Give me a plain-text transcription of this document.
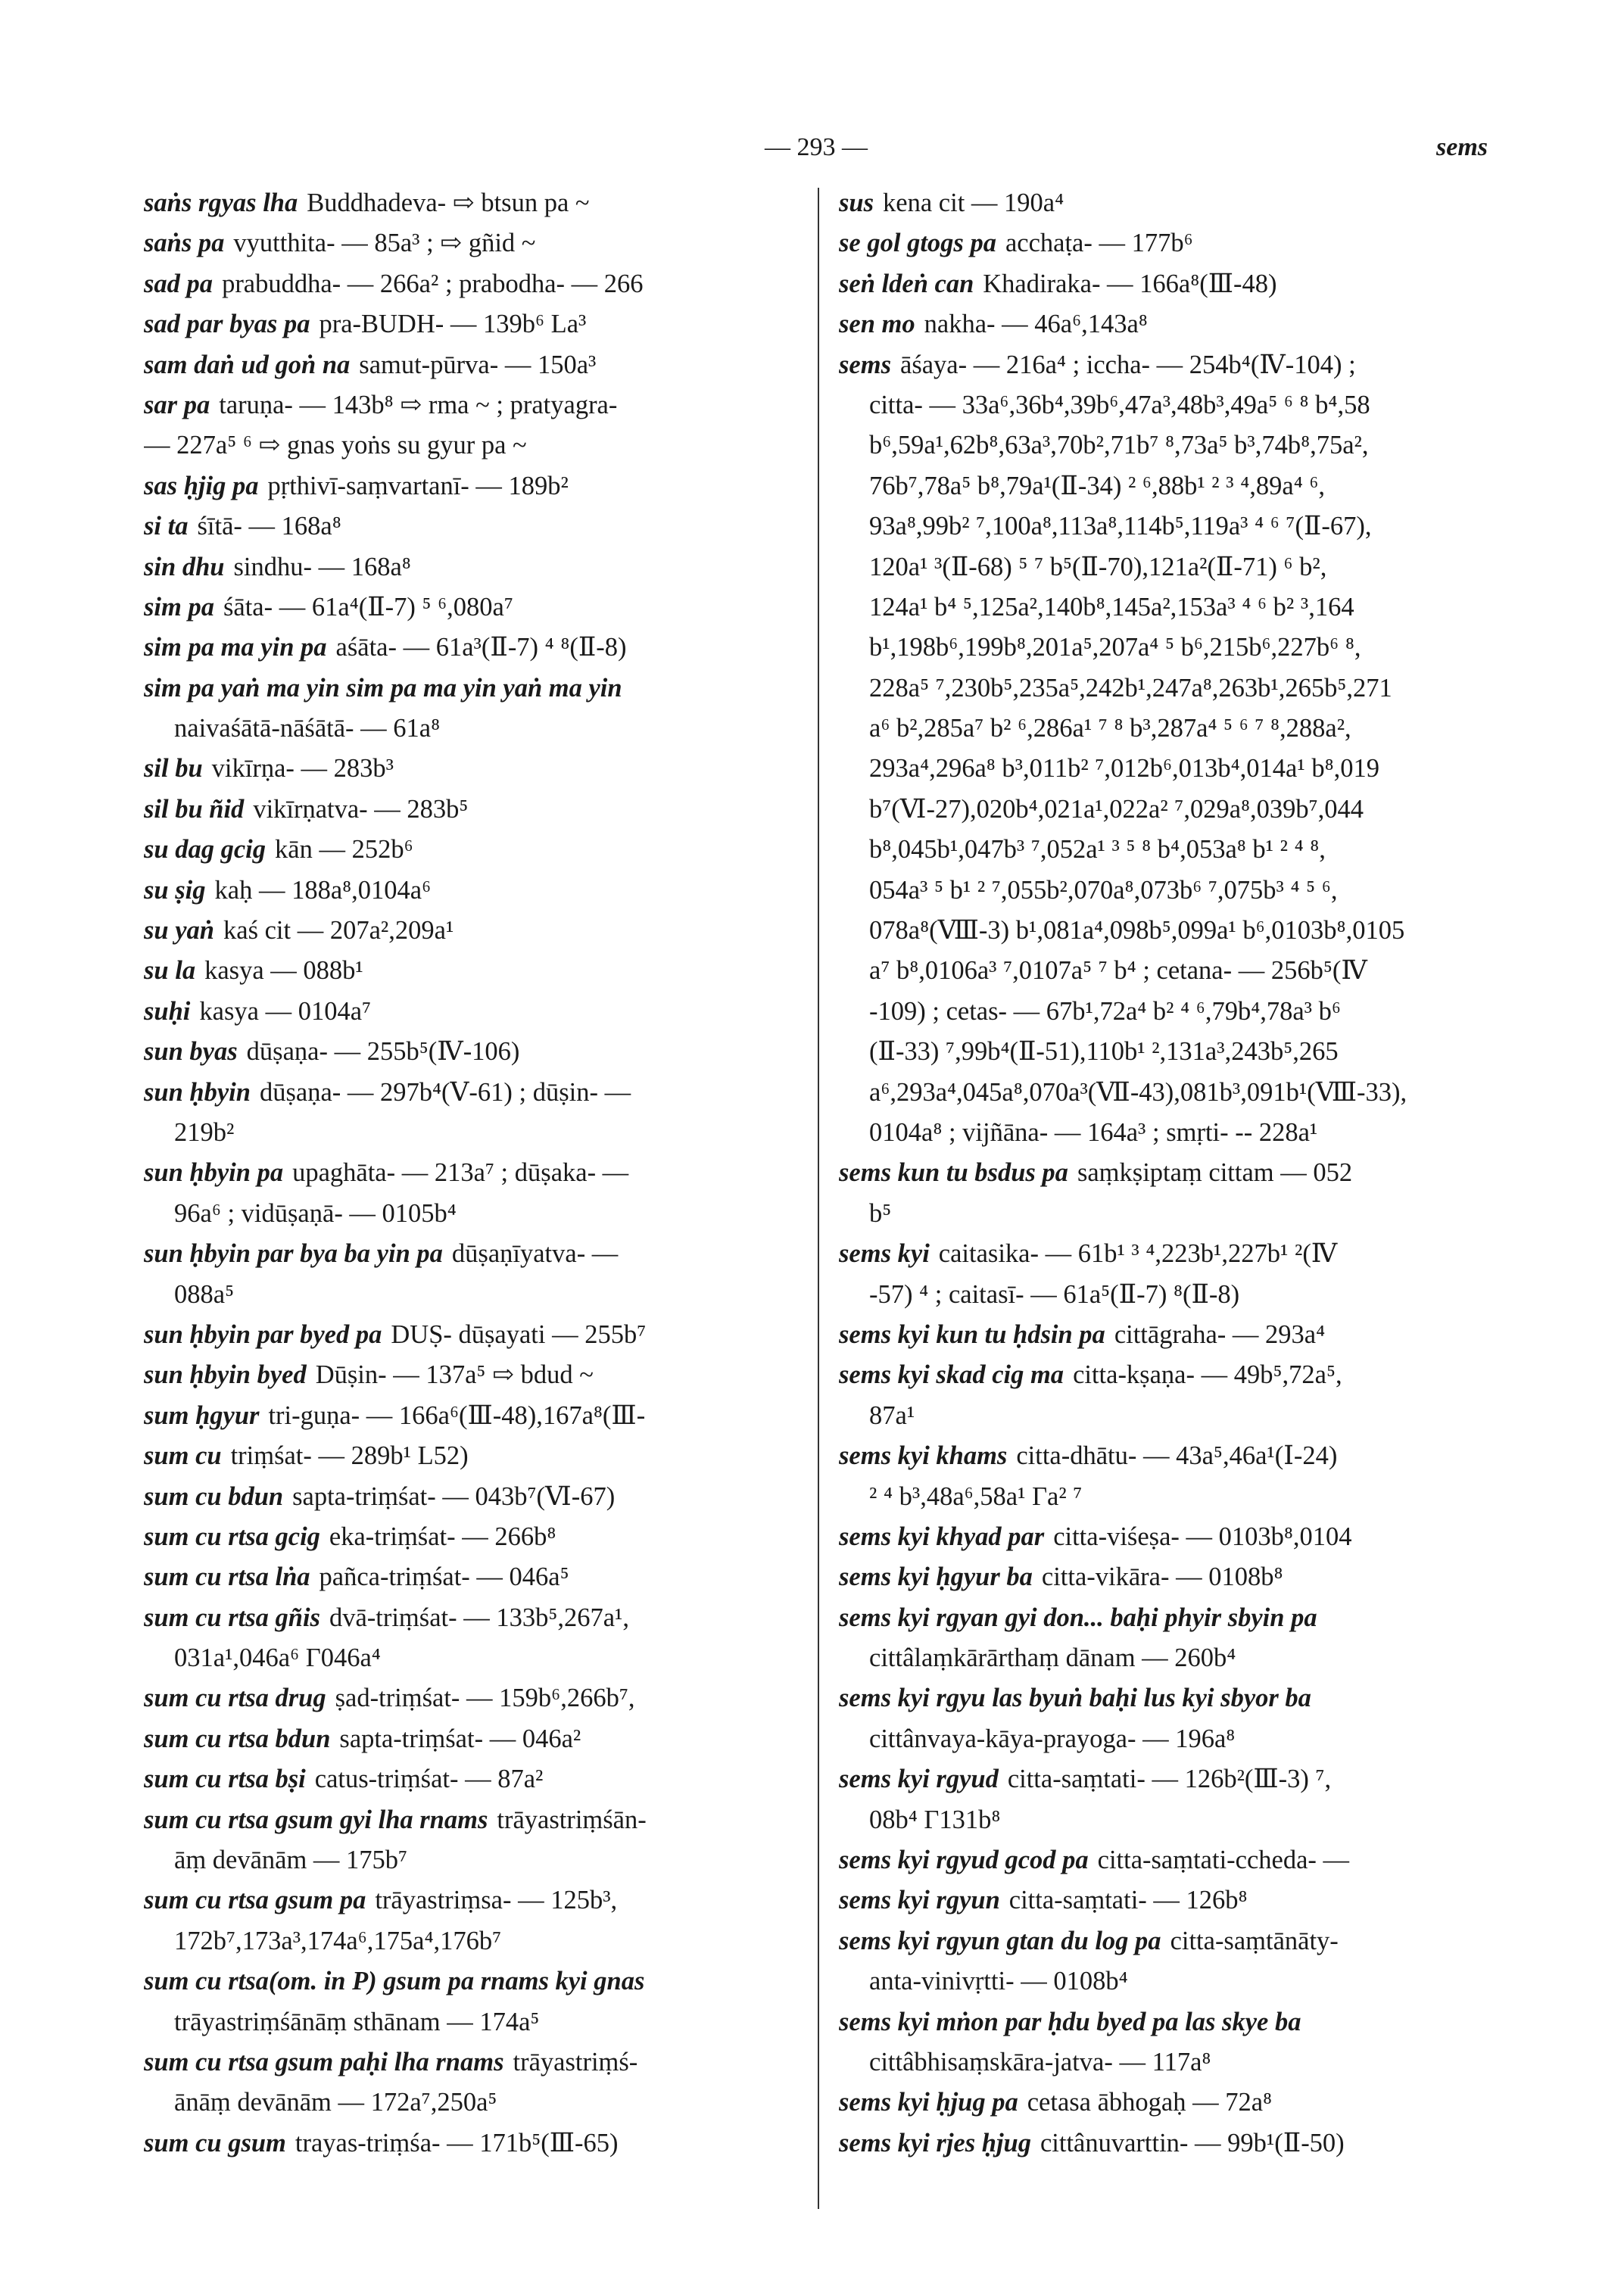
— 293 —	sems
saṅs rgyas lha Buddhadeva- ⇨ btsun pa ~
saṅs pa vyutthita- — 85a³ ; ⇨ gñid ~
sad pa prabuddha- — 266a² ; prabodha- — 266
sad par byas pa pra-BUDH- — 139b⁶ La³
sam daṅ ud goṅ na samut-pūrva- — 150a³
sar pa taruṇa- — 143b⁸ ⇨ rma ~ ; pratyagra-
— 227a⁵ ⁶ ⇨ gnas yoṅs su gyur pa ~
sas ḥjig pa pṛthivī-saṃvartanī- — 189b²
si ta śītā- — 168a⁸
sin dhu sindhu- — 168a⁸
sim pa śāta- — 61a⁴(Ⅱ-7) ⁵ ⁶,080a⁷
sim pa ma yin pa aśāta- — 61a³(Ⅱ-7) ⁴ ⁸(Ⅱ-8)
sim pa yaṅ ma yin sim pa ma yin yaṅ ma yin
naivaśātā-nāśātā- — 61a⁸
sil bu vikīrṇa- — 283b³
sil bu ñid vikīrṇatva- — 283b⁵
su dag gcig kān — 252b⁶
su ṣig kaḥ — 188a⁸,0104a⁶
su yaṅ kaś cit — 207a²,209a¹
su la kasya — 088b¹
suḥi kasya — 0104a⁷
sun byas dūṣaṇa- — 255b⁵(Ⅳ-106)
sun ḥbyin dūṣaṇa- — 297b⁴(Ⅴ-61) ; dūṣin- —
219b²
sun ḥbyin pa upaghāta- — 213a⁷ ; dūṣaka- —
96a⁶ ; vidūṣaṇā- — 0105b⁴
sun ḥbyin par bya ba yin pa dūṣaṇīyatva- —
088a⁵
sun ḥbyin par byed pa DUṢ- dūṣayati — 255b⁷
sun ḥbyin byed Dūṣin- — 137a⁵ ⇨ bdud ~
sum ḥgyur tri-guṇa- — 166a⁶(Ⅲ-48),167a⁸(Ⅲ-
sum cu triṃśat- — 289b¹ L52)
sum cu bdun sapta-triṃśat- — 043b⁷(Ⅵ-67)
sum cu rtsa gcig eka-triṃśat- — 266b⁸
sum cu rtsa lṅa pañca-triṃśat- — 046a⁵
sum cu rtsa gñis dvā-triṃśat- — 133b⁵,267a¹,
031a¹,046a⁶ Γ046a⁴
sum cu rtsa drug ṣad-triṃśat- — 159b⁶,266b⁷,
sum cu rtsa bdun sapta-triṃśat- — 046a²
sum cu rtsa bṣi catus-triṃśat- — 87a²
sum cu rtsa gsum gyi lha rnams trāyastriṃśān-
āṃ devānām — 175b⁷
sum cu rtsa gsum pa trāyastriṃsa- — 125b³,
172b⁷,173a³,174a⁶,175a⁴,176b⁷
sum cu rtsa(om. in P) gsum pa rnams kyi gnas
trāyastriṃśānāṃ sthānam — 174a⁵
sum cu rtsa gsum paḥi lha rnams trāyastriṃś-
ānāṃ devānām — 172a⁷,250a⁵
sum cu gsum trayas-triṃśa- — 171b⁵(Ⅲ-65)
sus kena cit — 190a⁴
se gol gtogs pa acchaṭa- — 177b⁶
seṅ ldeṅ can Khadiraka- — 166a⁸(Ⅲ-48)
sen mo nakha- — 46a⁶,143a⁸
sems āśaya- — 216a⁴ ; iccha- — 254b⁴(Ⅳ-104) ;
citta- — 33a⁶,36b⁴,39b⁶,47a³,48b³,49a⁵ ⁶ ⁸ b⁴,58
b⁶,59a¹,62b⁸,63a³,70b²,71b⁷ ⁸,73a⁵ b³,74b⁸,75a²,
76b⁷,78a⁵ b⁸,79a¹(Ⅱ-34) ² ⁶,88b¹ ² ³ ⁴,89a⁴ ⁶,
93a⁸,99b² ⁷,100a⁸,113a⁸,114b⁵,119a³ ⁴ ⁶ ⁷(Ⅱ-67),
120a¹ ³(Ⅱ-68) ⁵ ⁷ b⁵(Ⅱ-70),121a²(Ⅱ-71) ⁶ b²,
124a¹ b⁴ ⁵,125a²,140b⁸,145a²,153a³ ⁴ ⁶ b² ³,164
b¹,198b⁶,199b⁸,201a⁵,207a⁴ ⁵ b⁶,215b⁶,227b⁶ ⁸,
228a⁵ ⁷,230b⁵,235a⁵,242b¹,247a⁸,263b¹,265b⁵,271
a⁶ b²,285a⁷ b² ⁶,286a¹ ⁷ ⁸ b³,287a⁴ ⁵ ⁶ ⁷ ⁸,288a²,
293a⁴,296a⁸ b³,011b² ⁷,012b⁶,013b⁴,014a¹ b⁸,019
b⁷(Ⅵ-27),020b⁴,021a¹,022a² ⁷,029a⁸,039b⁷,044
b⁸,045b¹,047b³ ⁷,052a¹ ³ ⁵ ⁸ b⁴,053a⁸ b¹ ² ⁴ ⁸,
054a³ ⁵ b¹ ² ⁷,055b²,070a⁸,073b⁶ ⁷,075b³ ⁴ ⁵ ⁶,
078a⁸(Ⅷ-3) b¹,081a⁴,098b⁵,099a¹ b⁶,0103b⁸,0105
a⁷ b⁸,0106a³ ⁷,0107a⁵ ⁷ b⁴ ; cetana- — 256b⁵(Ⅳ
-109) ; cetas- — 67b¹,72a⁴ b² ⁴ ⁶,79b⁴,78a³ b⁶
(Ⅱ-33) ⁷,99b⁴(Ⅱ-51),110b¹ ²,131a³,243b⁵,265
a⁶,293a⁴,045a⁸,070a³(Ⅶ-43),081b³,091b¹(Ⅷ-33),
0104a⁸ ; vijñāna- — 164a³ ; smṛti- -- 228a¹
sems kun tu bsdus pa saṃkṣiptaṃ cittam — 052
b⁵
sems kyi caitasika- — 61b¹ ³ ⁴,223b¹,227b¹ ²(Ⅳ
-57) ⁴ ; caitasī- — 61a⁵(Ⅱ-7) ⁸(Ⅱ-8)
sems kyi kun tu ḥdsin pa cittāgraha- — 293a⁴
sems kyi skad cig ma citta-kṣaṇa- — 49b⁵,72a⁵,
87a¹
sems kyi khams citta-dhātu- — 43a⁵,46a¹(Ⅰ-24)
² ⁴ b³,48a⁶,58a¹ Γa² ⁷
sems kyi khyad par citta-viśeṣa- — 0103b⁸,0104
sems kyi ḥgyur ba citta-vikāra- — 0108b⁸
sems kyi rgyan gyi don... baḥi phyir sbyin pa
cittâlaṃkārārthaṃ dānam — 260b⁴
sems kyi rgyu las byuṅ baḥi lus kyi sbyor ba
cittânvaya-kāya-prayoga- — 196a⁸
sems kyi rgyud citta-saṃtati- — 126b²(Ⅲ-3) ⁷,
08b⁴ Γ131b⁸
sems kyi rgyud gcod pa citta-saṃtati-ccheda- —
sems kyi rgyun citta-saṃtati- — 126b⁸
sems kyi rgyun gtan du log pa citta-saṃtānāty-
anta-vinivṛtti- — 0108b⁴
sems kyi mṅon par ḥdu byed pa las skye ba
cittâbhisaṃskāra-jatva- — 117a⁸
sems kyi ḥjug pa cetasa ābhogaḥ — 72a⁸
sems kyi rjes ḥjug cittânuvarttin- — 99b¹(Ⅱ-50)
